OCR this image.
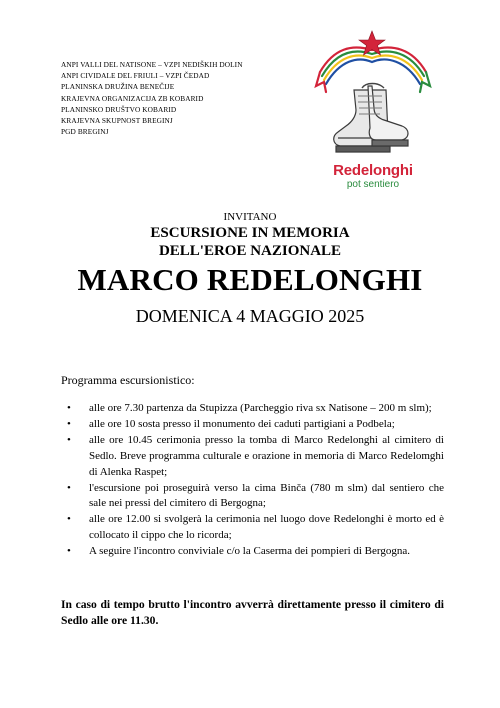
ANPI VALLI DEL NATISONE – VZPI NEDIŠKIH DOLIN
ANPI CIVIDALE DEL FRIULI – VZPI ČEDAD
PLANINSKA DRUŽINA BENEČIJE
KRAJEVNA ORGANIZACIJA ZB KOBARID
PLANINSKO DRUŠTVO KOBARID
KRAJEVNA SKUPNOST BREGINJ
PGD BREGINJ
Redelonghi
pot sentiero
INVITANO
ESCURSIONE IN MEMORIA
DELL'EROE NAZIONALE
MARCO REDELONGHI
DOMENICA 4 MAGGIO 2025
Programma escursionistico:
• alle ore 7.30 partenza da Stupizza (Parcheggio riva sx Natisone – 200 m slm);
• alle ore 10 sosta presso il monumento dei caduti partigiani a Podbela;
• alle ore 10.45 cerimonia presso la tomba di Marco Redelonghi al cimitero di Sedlo. Breve programma culturale e orazione in memoria di Marco Redelomghi di Alenka Raspet;
• l'escursione poi proseguirà verso la cima Binča (780 m slm) dal sentiero che sale nei pressi del cimitero di Bergogna;
• alle ore 12.00 si svolgerà la cerimonia nel luogo dove Redelonghi è morto ed è collocato il cippo che lo ricorda;
• A seguire l'incontro conviviale c/o la Caserma dei pompieri di Bergogna.
In caso di tempo brutto l'incontro avverrà direttamente presso il cimitero di Sedlo alle ore 11.30.
